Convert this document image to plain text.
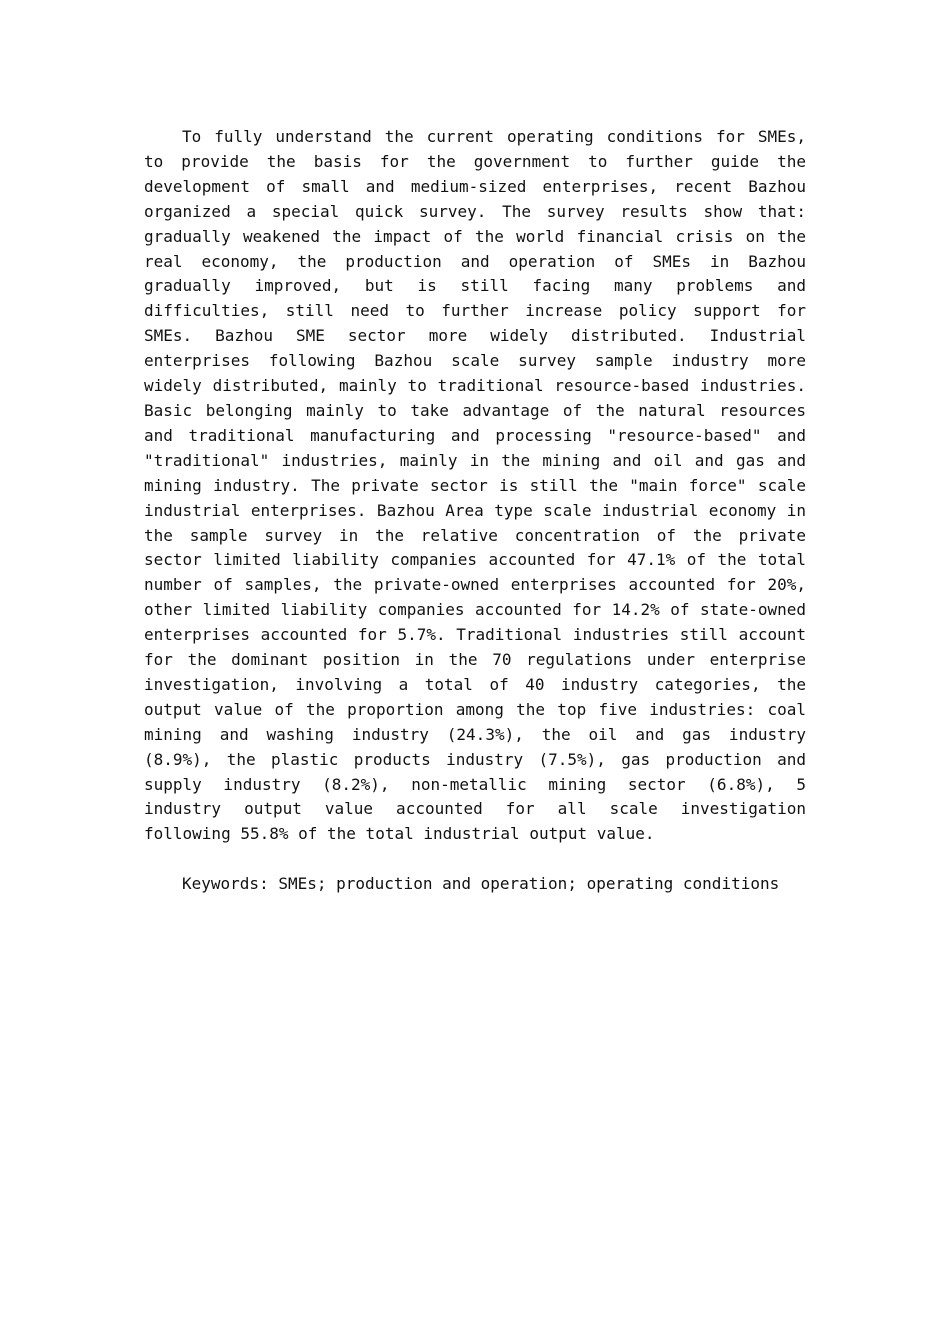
To fully understand the current operating conditions for SMEs, to provide the basis for the government to further guide the development of small and medium-sized enterprises, recent Bazhou organized a special quick survey. The survey results show that: gradually weakened the impact of the world financial crisis on the real economy, the production and operation of SMEs in Bazhou gradually improved, but is still facing many problems and difficulties, still need to further increase policy support for SMEs. Bazhou SME sector more widely distributed. Industrial enterprises following Bazhou scale survey sample industry more widely distributed, mainly to traditional resource-based industries. Basic belonging mainly to take advantage of the natural resources and traditional manufacturing and processing "resource-based" and "traditional" industries, mainly in the mining and oil and gas and mining industry. The private sector is still the "main force" scale industrial enterprises. Bazhou Area type scale industrial economy in the sample survey in the relative concentration of the private sector limited liability companies accounted for 47.1% of the total number of samples, the private-owned enterprises accounted for 20%, other limited liability companies accounted for 14.2% of state-owned enterprises accounted for 5.7%. Traditional industries still account for the dominant position in the 70 regulations under enterprise investigation, involving a total of 40 industry categories, the output value of the proportion among the top five industries: coal mining and washing industry (24.3%), the oil and gas industry (8.9%), the plastic products industry (7.5%), gas production and supply industry (8.2%), non-metallic mining sector (6.8%), 5 industry output value accounted for all scale investigation following 55.8% of the total industrial output value.

Keywords: SMEs; production and operation; operating conditions
